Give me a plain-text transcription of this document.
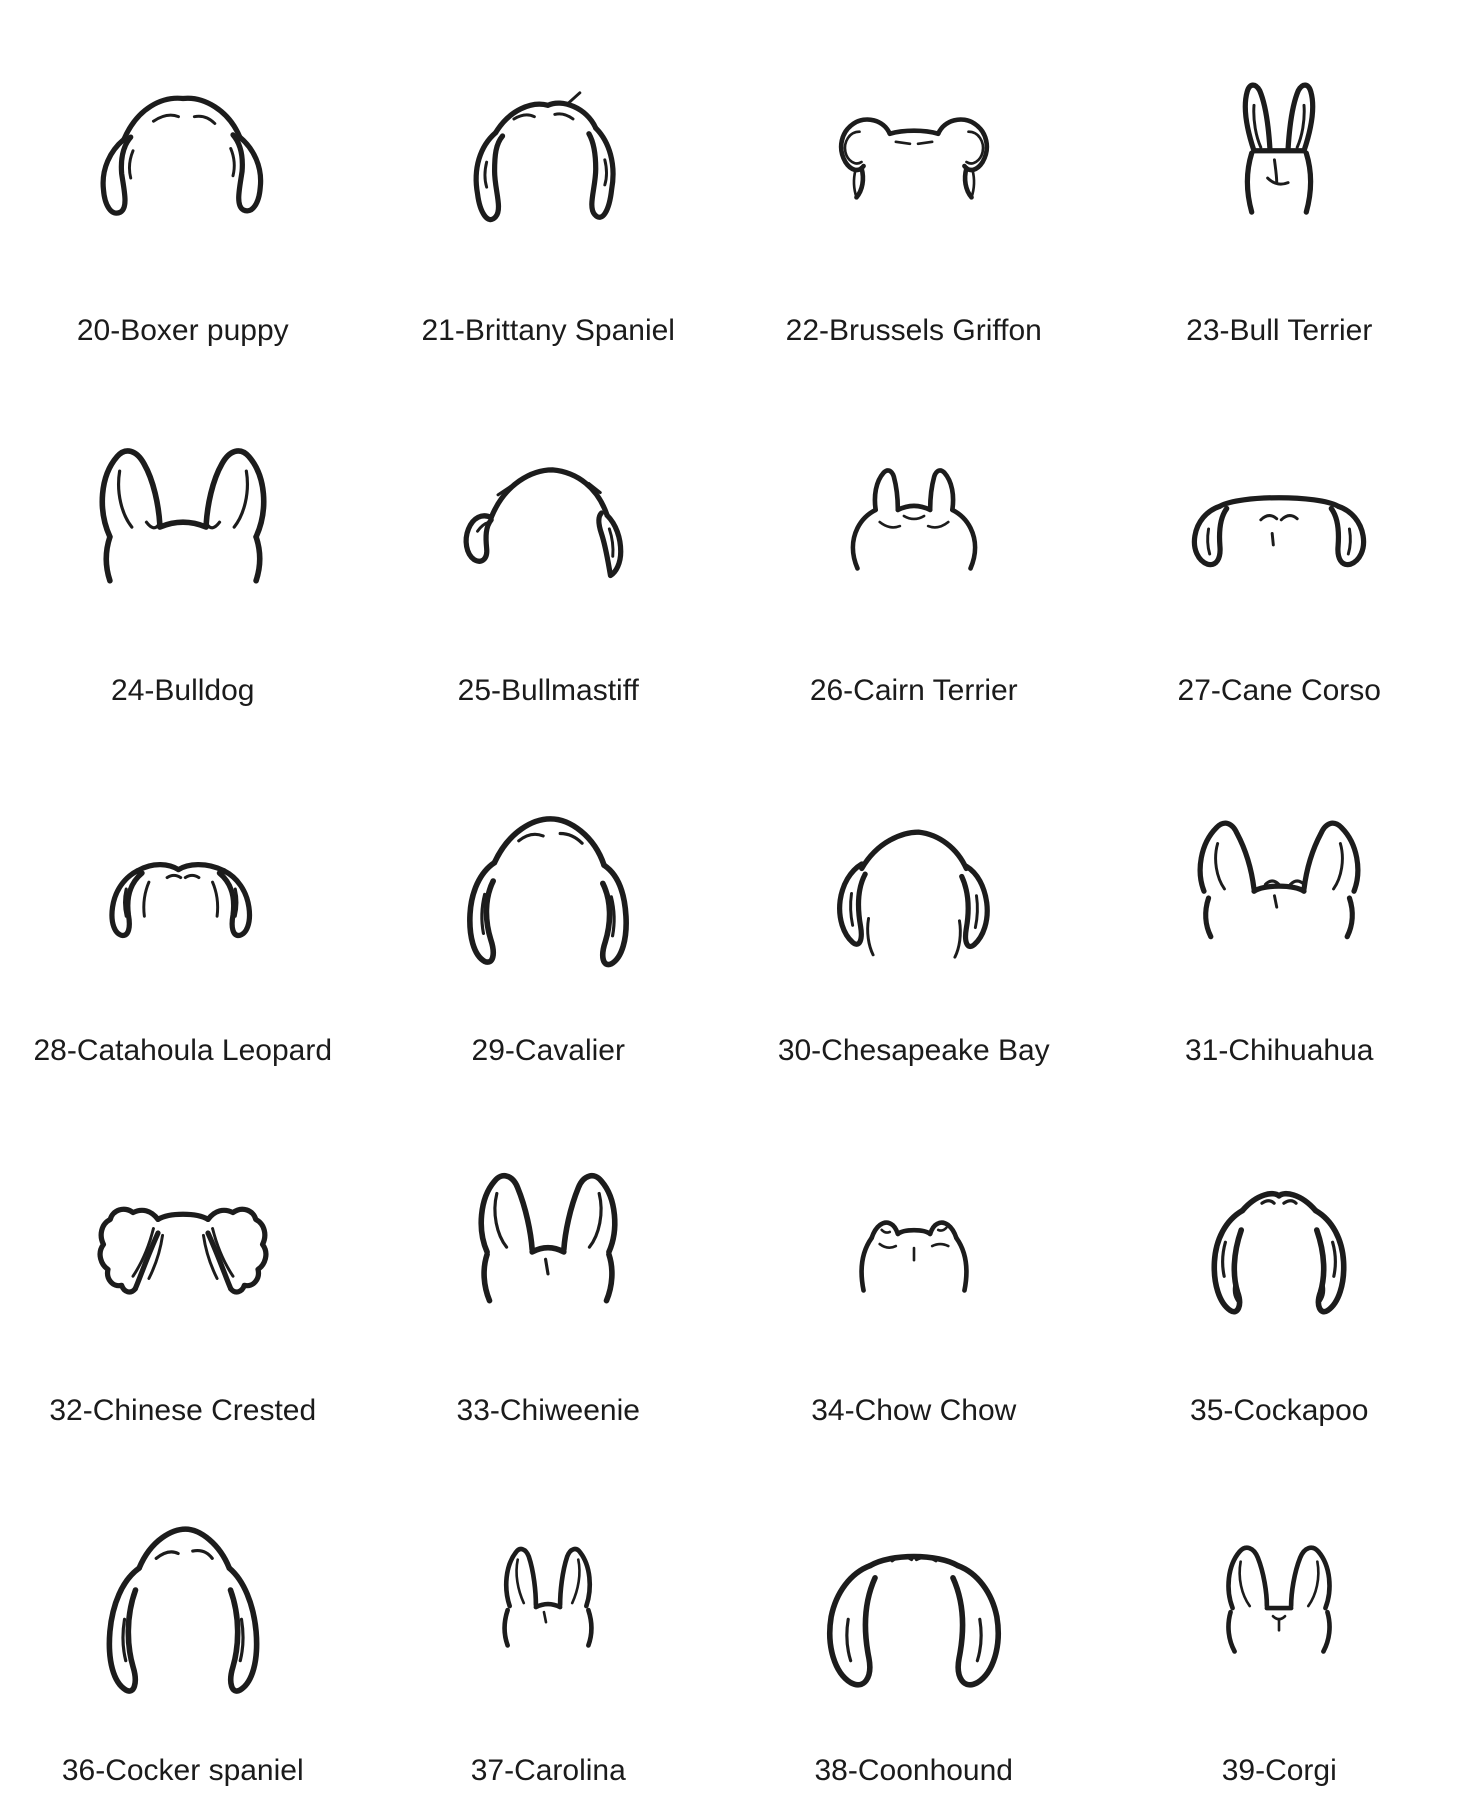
20-Boxer puppy	21-Brittany Spaniel	22-Brussels Griffon	23-Bull Terrier
24-Bulldog	25-Bullmastiff	26-Cairn Terrier	27-Cane Corso
28-Catahoula Leopard	29-Cavalier	30-Chesapeake Bay	31-Chihuahua
32-Chinese Crested	33-Chiweenie	34-Chow Chow	35-Cockapoo
36-Cocker spaniel	37-Carolina	38-Coonhound	39-Corgi
